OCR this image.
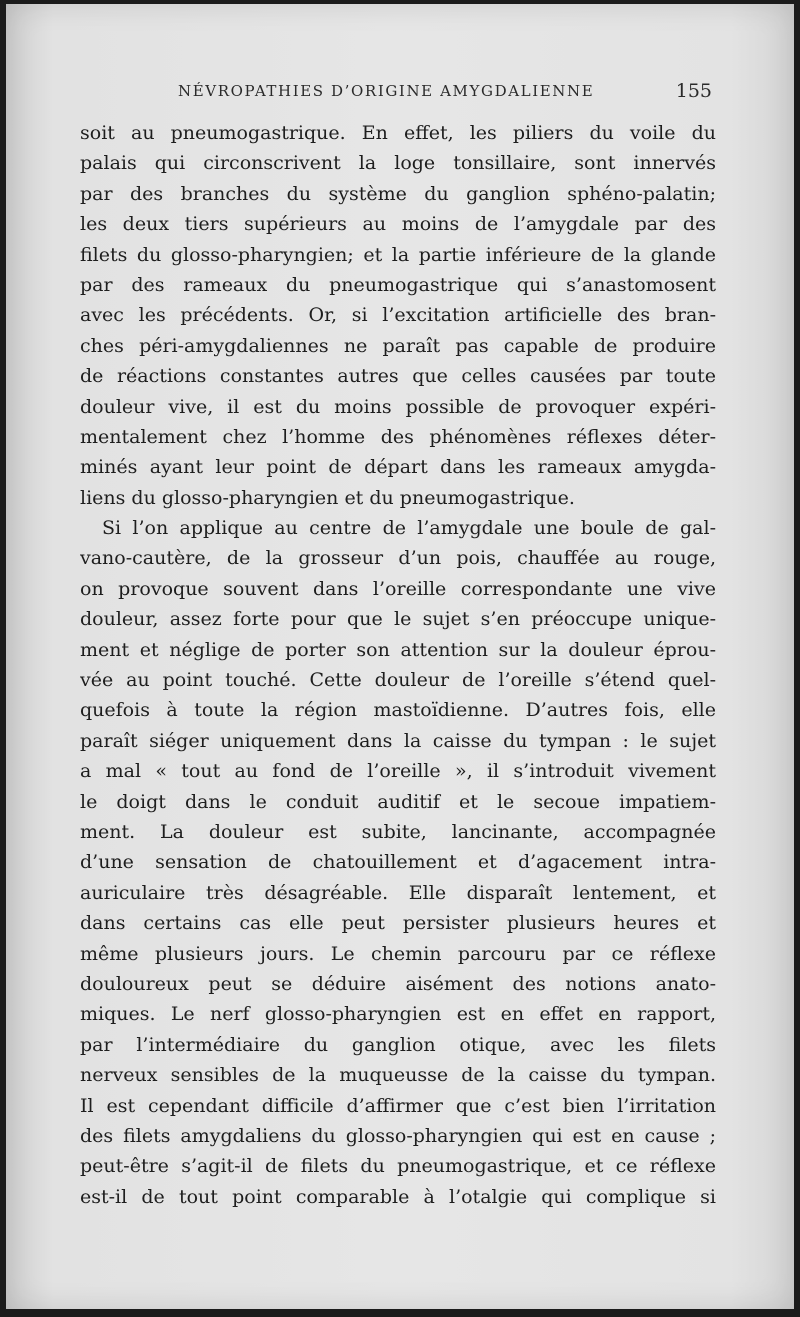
NÉVROPATHIES D’ORIGINE AMYGDALIENNE	155

soit au pneumogastrique. En effet, les piliers du voile du
palais qui circonscrivent la loge tonsillaire, sont innervés
par des branches du système du ganglion sphéno-palatin;
les deux tiers supérieurs au moins de l’amygdale par des
filets du glosso-pharyngien; et la partie inférieure de la glande
par des rameaux du pneumogastrique qui s’anastomosent
avec les précédents. Or, si l’excitation artificielle des bran-
ches péri-amygdaliennes ne paraît pas capable de produire
de réactions constantes autres que celles causées par toute
douleur vive, il est du moins possible de provoquer expéri-
mentalement chez l’homme des phénomènes réflexes déter-
minés ayant leur point de départ dans les rameaux amygda-
liens du glosso-pharyngien et du pneumogastrique.

Si l’on applique au centre de l’amygdale une boule de gal-
vano-cautère, de la grosseur d’un pois, chauffée au rouge,
on provoque souvent dans l’oreille correspondante une vive
douleur, assez forte pour que le sujet s’en préoccupe unique-
ment et néglige de porter son attention sur la douleur éprou-
vée au point touché. Cette douleur de l’oreille s’étend quel-
quefois à toute la région mastoïdienne. D’autres fois, elle
paraît siéger uniquement dans la caisse du tympan : le sujet
a mal « tout au fond de l’oreille », il s’introduit vivement
le doigt dans le conduit auditif et le secoue impatiem-
ment. La douleur est subite, lancinante, accompagnée
d’une sensation de chatouillement et d’agacement intra-
auriculaire très désagréable. Elle disparaît lentement, et
dans certains cas elle peut persister plusieurs heures et
même plusieurs jours. Le chemin parcouru par ce réflexe
douloureux peut se déduire aisément des notions anato-
miques. Le nerf glosso-pharyngien est en effet en rapport,
par l’intermédiaire du ganglion otique, avec les filets
nerveux sensibles de la muqueusse de la caisse du tympan.
Il est cependant difficile d’affirmer que c’est bien l’irritation
des filets amygdaliens du glosso-pharyngien qui est en cause ;
peut-être s’agit-il de filets du pneumogastrique, et ce réflexe
est-il de tout point comparable à l’otalgie qui complique si
